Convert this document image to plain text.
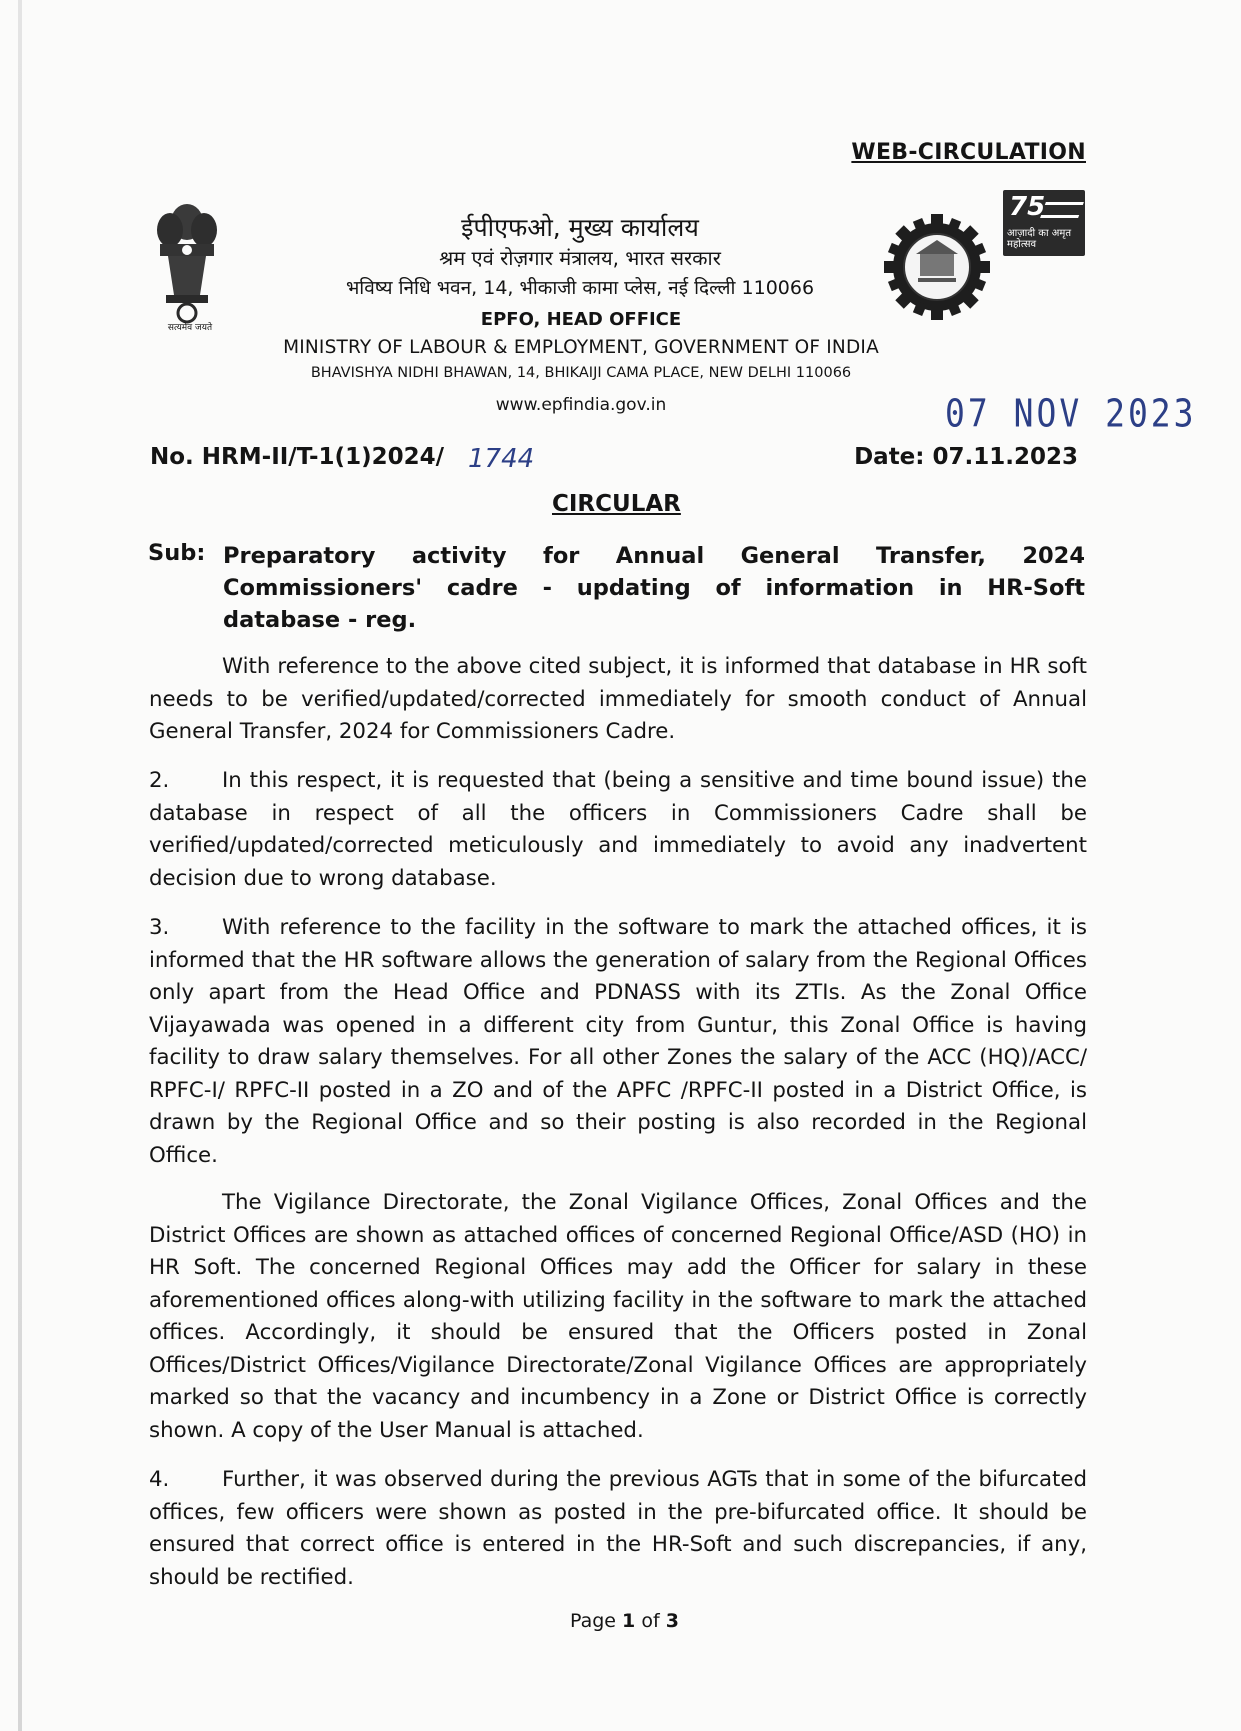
WEB-CIRCULATION
सत्यमेव जयते
ईपीएफओ, मुख्य कार्यालय
श्रम एवं रोज़गार मंत्रालय, भारत सरकार
भविष्य निधि भवन, 14, भीकाजी कामा प्लेस, नई दिल्ली 110066
EPFO, HEAD OFFICE
MINISTRY OF LABOUR & EMPLOYMENT, GOVERNMENT OF INDIA
BHAVISHYA NIDHI BHAWAN, 14, BHIKAIJI CAMA PLACE, NEW DELHI 110066
www.epfindia.gov.in
75
आज़ादी का अमृत महोत्सव
07 NOV 2023
No. HRM-II/T-1(1)2024/ 1744	Date: 07.11.2023
CIRCULAR
Sub: Preparatory activity for Annual General Transfer, 2024 Commissioners' cadre - updating of information in HR-Soft database - reg.
With reference to the above cited subject, it is informed that database in HR soft needs to be verified/updated/corrected immediately for smooth conduct of Annual General Transfer, 2024 for Commissioners Cadre.
2. In this respect, it is requested that (being a sensitive and time bound issue) the database in respect of all the officers in Commissioners Cadre shall be verified/updated/corrected meticulously and immediately to avoid any inadvertent decision due to wrong database.
3. With reference to the facility in the software to mark the attached offices, it is informed that the HR software allows the generation of salary from the Regional Offices only apart from the Head Office and PDNASS with its ZTIs. As the Zonal Office Vijayawada was opened in a different city from Guntur, this Zonal Office is having facility to draw salary themselves. For all other Zones the salary of the ACC (HQ)/ACC/ RPFC-I/ RPFC-II posted in a ZO and of the APFC /RPFC-II posted in a District Office, is drawn by the Regional Office and so their posting is also recorded in the Regional Office.
The Vigilance Directorate, the Zonal Vigilance Offices, Zonal Offices and the District Offices are shown as attached offices of concerned Regional Office/ASD (HO) in HR Soft. The concerned Regional Offices may add the Officer for salary in these aforementioned offices along-with utilizing facility in the software to mark the attached offices. Accordingly, it should be ensured that the Officers posted in Zonal Offices/District Offices/Vigilance Directorate/Zonal Vigilance Offices are appropriately marked so that the vacancy and incumbency in a Zone or District Office is correctly shown. A copy of the User Manual is attached.
4. Further, it was observed during the previous AGTs that in some of the bifurcated offices, few officers were shown as posted in the pre-bifurcated office. It should be ensured that correct office is entered in the HR-Soft and such discrepancies, if any, should be rectified.
Page 1 of 3
